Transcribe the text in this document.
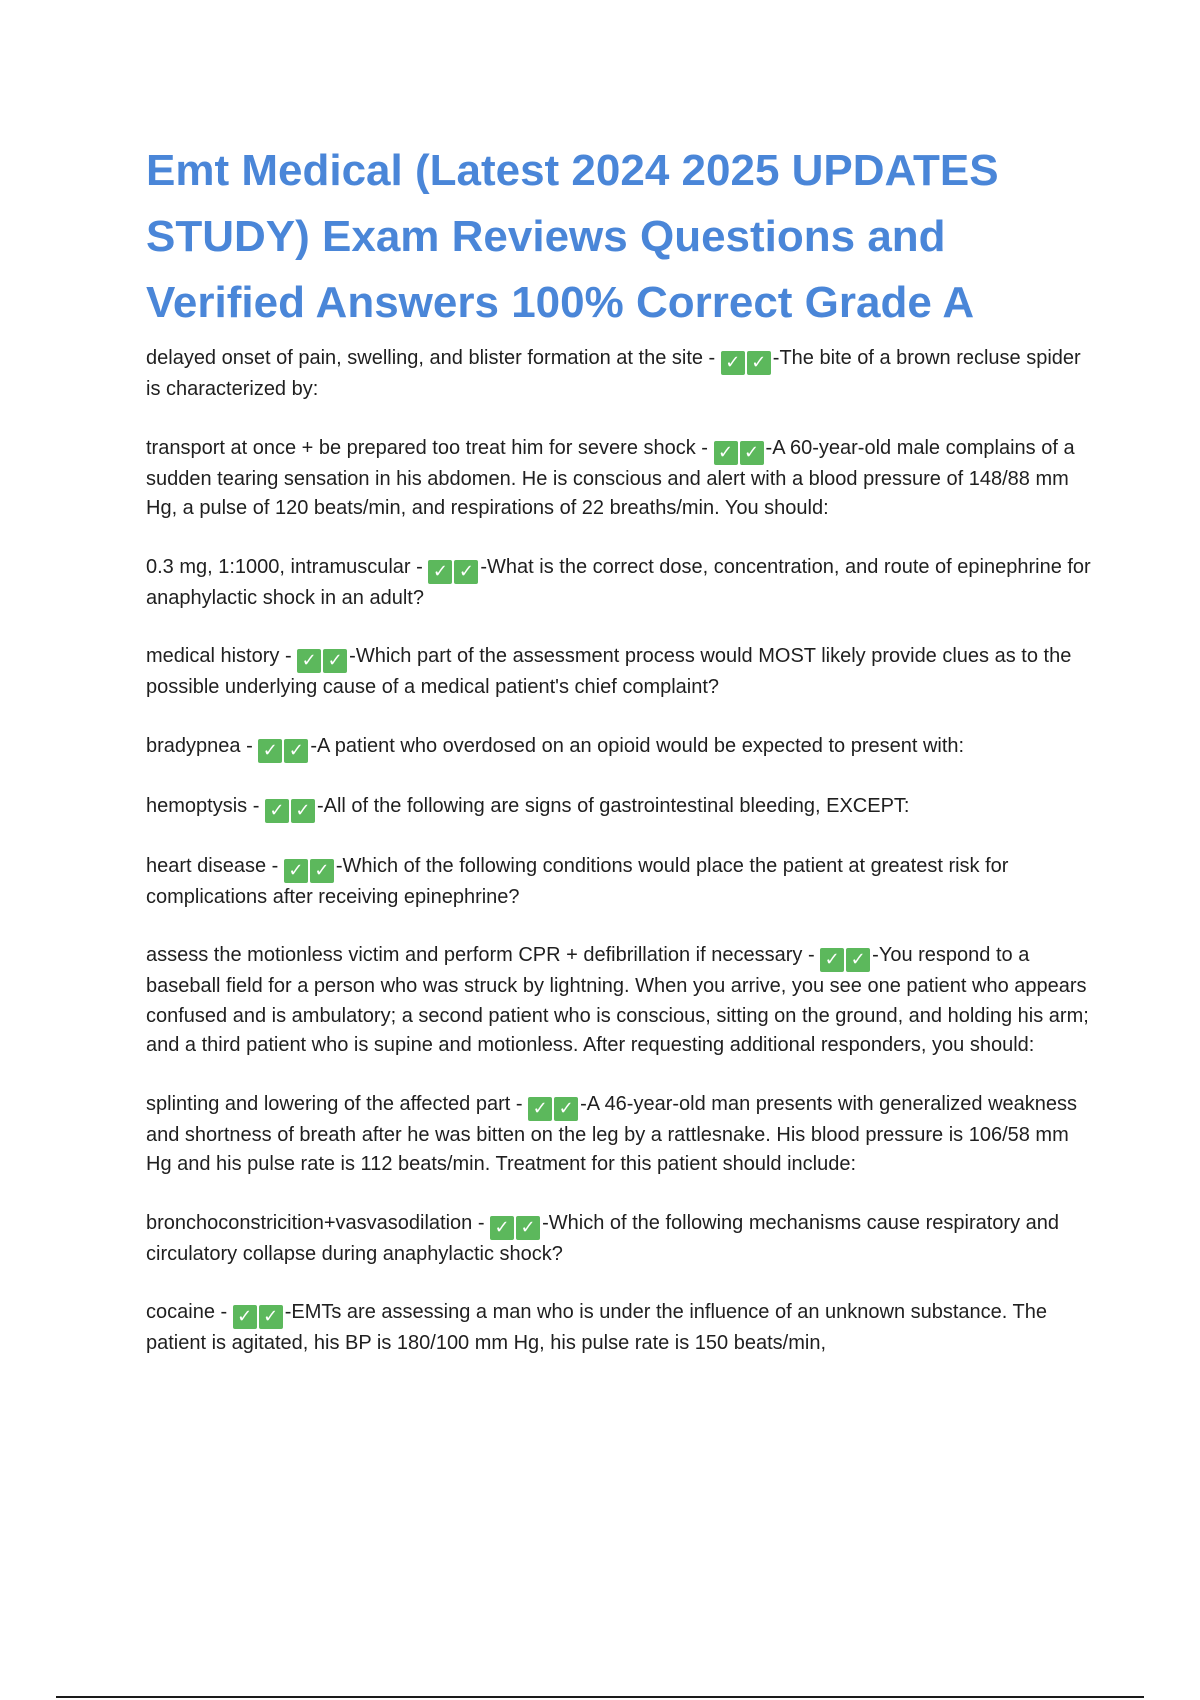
Emt Medical (Latest 2024 2025 UPDATES STUDY) Exam Reviews Questions and Verified Answers 100% Correct Grade A
delayed onset of pain, swelling, and blister formation at the site - ✓ ✓ -The bite of a brown recluse spider is characterized by:
transport at once + be prepared too treat him for severe shock - ✓ ✓ -A 60-year-old male complains of a sudden tearing sensation in his abdomen. He is conscious and alert with a blood pressure of 148/88 mm Hg, a pulse of 120 beats/min, and respirations of 22 breaths/min. You should:
0.3 mg, 1:1000, intramuscular - ✓ ✓ -What is the correct dose, concentration, and route of epinephrine for anaphylactic shock in an adult?
medical history - ✓ ✓ -Which part of the assessment process would MOST likely provide clues as to the possible underlying cause of a medical patient's chief complaint?
bradypnea - ✓ ✓ -A patient who overdosed on an opioid would be expected to present with:
hemoptysis - ✓ ✓ -All of the following are signs of gastrointestinal bleeding, EXCEPT:
heart disease - ✓ ✓ -Which of the following conditions would place the patient at greatest risk for complications after receiving epinephrine?
assess the motionless victim and perform CPR + defibrillation if necessary - ✓ ✓ -You respond to a baseball field for a person who was struck by lightning. When you arrive, you see one patient who appears confused and is ambulatory; a second patient who is conscious, sitting on the ground, and holding his arm; and a third patient who is supine and motionless. After requesting additional responders, you should:
splinting and lowering of the affected part - ✓ ✓ -A 46-year-old man presents with generalized weakness and shortness of breath after he was bitten on the leg by a rattlesnake. His blood pressure is 106/58 mm Hg and his pulse rate is 112 beats/min. Treatment for this patient should include:
bronchoconstricition+vasvasodilation - ✓ ✓ -Which of the following mechanisms cause respiratory and circulatory collapse during anaphylactic shock?
cocaine - ✓ ✓ -EMTs are assessing a man who is under the influence of an unknown substance. The patient is agitated, his BP is 180/100 mm Hg, his pulse rate is 150 beats/min,
